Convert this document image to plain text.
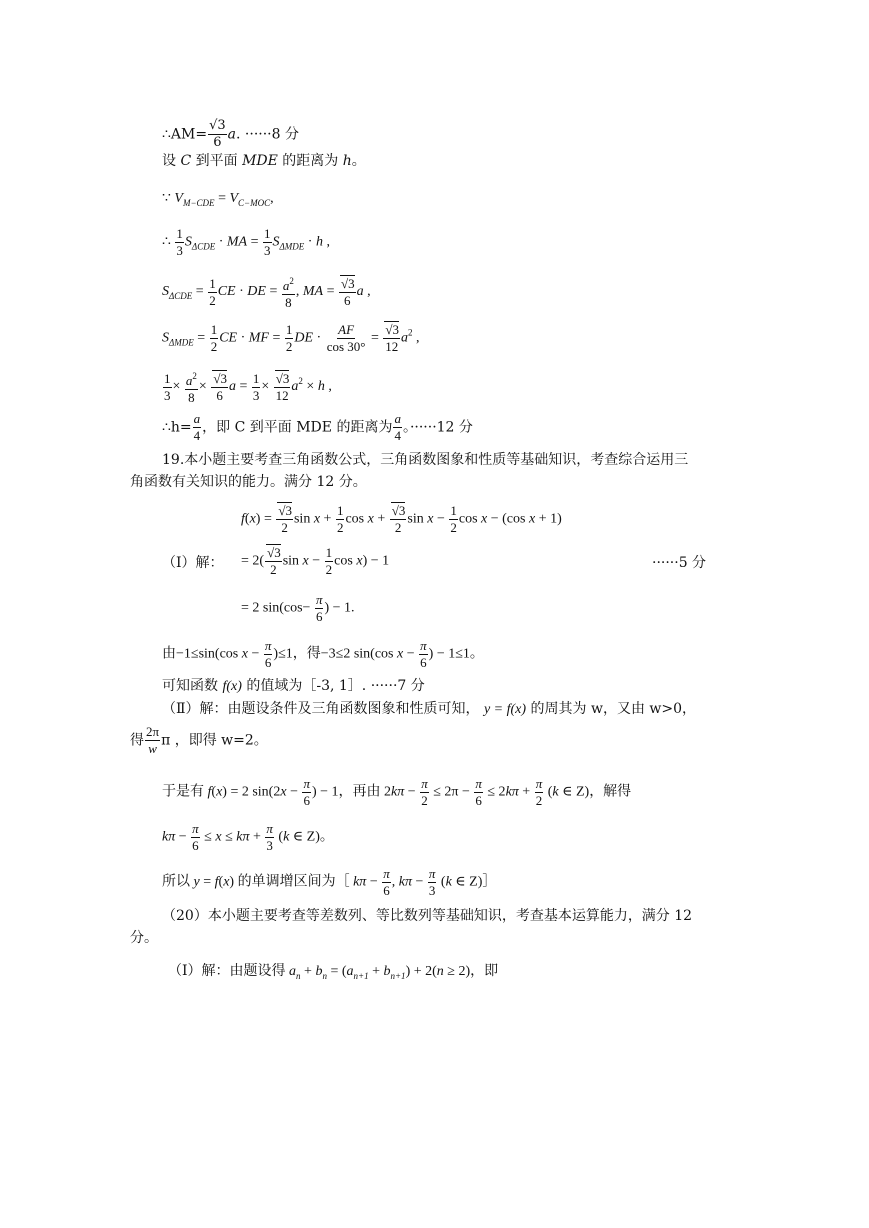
∴AM= $\frac{√3}{6} a$. ······8 分
设 C 到平面 MDE 的距离为 h。
∵ $V_{M-CDE} = V_{C-MOC}$,
∴ $\frac{1}{3} S_{\Delta CDE}$ · MA = $\frac{1}{3} S_{\Delta MDE} \cdot h$ ,
$S_{\Delta CDE} = \frac{1}{2}$ CE · DE = $\frac{a^2}{8}$ , MA = $\frac{√3}{6}$ a ,
$S_{\Delta MDE} = \frac{1}{2}$ CE · MF = $\frac{1}{2}$ DE · $\frac{AF}{\cos 30^\circ} = \frac{√3}{12} a^2$ ,
$\frac{1}{3} \times \frac{a^2}{8} \times \frac{√3}{6}$ $a = \frac{1}{3} \times \frac{√3}{12} a^2 \times h$ ,
∴h= $\frac{a}{4}$ ，即 C 到平面 MDE 的距离为 $\frac{a}{4}$ 。······12 分
19.本小题主要考查三角函数公式，三角函数图象和性质等基础知识，考查综合运用三
角函数有关知识的能力。满分 12 分。
$f(x) = \frac{√3}{2}$ $\sin x + \frac{1}{2}$ $\cos x + \frac{√3}{2}$ $\sin x - \frac{1}{2}$ cos x − (cos x + 1)
（Ⅰ）解： = $2( \frac{√3}{2}$ $\sin x - \frac{1}{2}$ cos x) − 1	······5 分
= 2 $\sin(\cos- \frac{\pi}{6}$ ) − 1.
由−1≤sin(cos $x - \frac{\pi}{6} )\le 1$，得−3≤2 sin(cos $x - \frac{\pi}{6}$ ) − 1≤1。
可知函数 f(x) 的值域为［-3, 1］. ······7 分
（Ⅱ）解：由题设条件及三角函数图象和性质可知， y = f(x) 的周其为 w，又由 w>0，
得 $\frac{2\pi}{w}$ π ，即得 w=2。
于是有 f(x) = 2 $\sin(2x - \frac{\pi}{6}$ ) − 1，再由 $2k\pi - \frac{\pi}{2} \le 2\pi - \frac{\pi}{6} \le 2k\pi + \frac{\pi}{2} (k$ ∈ Z)，解得
$k\pi - \frac{\pi}{6} \le x \le k\pi + \frac{\pi}{3} (k$ ∈ Z)。
所以 y = f(x) 的单调增区间为［ $k\pi - \frac{\pi}{6}$ , $k\pi - \frac{\pi}{3} (k$ ∈ Z)］
（20）本小题主要考查等差数列、等比数列等基础知识，考查基本运算能力，满分 12
分。
（Ⅰ）解：由题设得 $a_n + b_n = (a_{n+1} + b_{n+1}) + 2(n \ge 2)$，即
